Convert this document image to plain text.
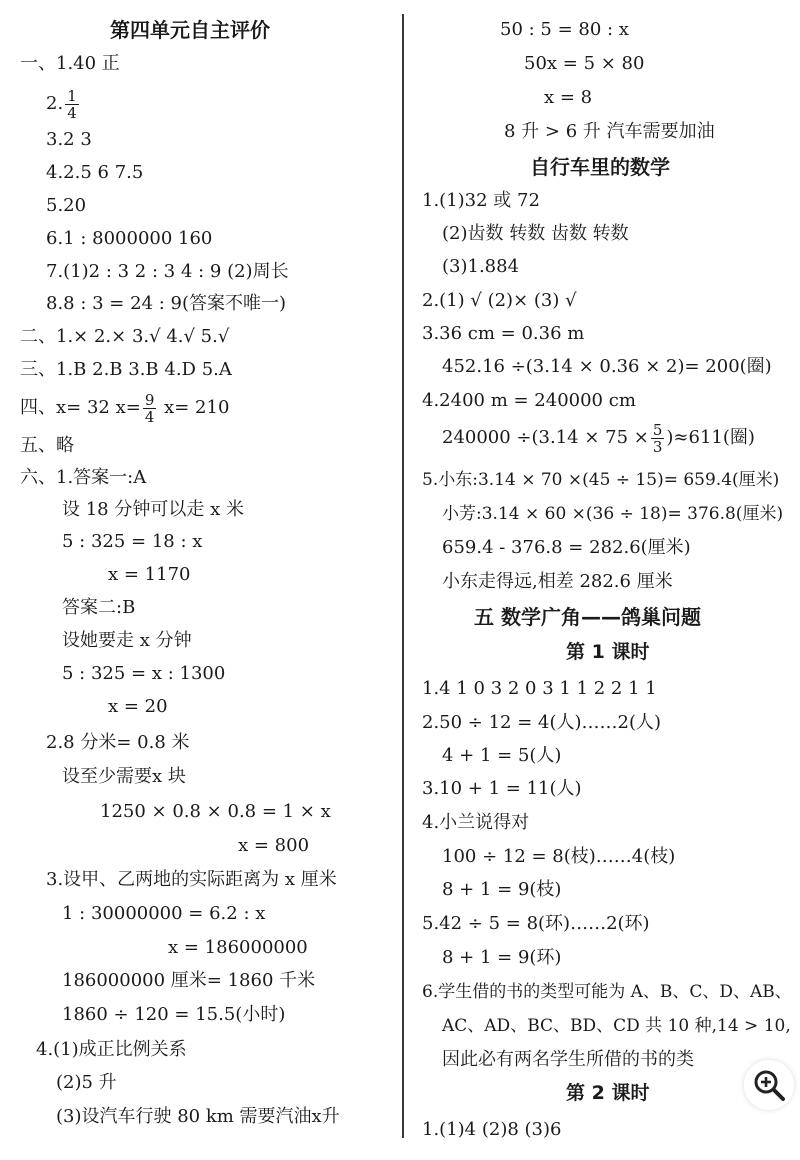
第四单元自主评价
一、1.40 正
2. $\frac{1}{4}$
3.2 3
4.2.5 6 7.5
5.20
6.1 : 8000000 160
7.(1)2 : 3 2 : 3 4 : 9 (2)周长
8.8 : 3 = 24 : 9(答案不唯一)
二、1.× 2.× 3.√ 4.√ 5.√
三、1.B 2.B 3.B 4.D 5.A
四、x= 32 $x= \frac{9}{4} x= 210$
五、略
六、1.答案一:A
设 18 分钟可以走 x 米
5 : 325 = 18 : x
x = 1170
答案二:B
设她要走 x 分钟
5 : 325 = x : 1300
x = 20
2.8 分米= 0.8 米
设至少需要x 块
1250 × 0.8 × 0.8 = 1 × x
x = 800
3.设甲、乙两地的实际距离为 x 厘米
1 : 30000000 = 6.2 : x
x = 186000000
186000000 厘米= 1860 千米
1860 ÷ 120 = 15.5(小时)
4.(1)成正比例关系
(2)5 升
(3)设汽车行驶 80 km 需要汽油x升
50 : 5 = 80 : x
50x = 5 × 80
x = 8
8 升 > 6 升 汽车需要加油
自行车里的数学
1.(1)32 或 72
(2)齿数 转数 齿数 转数
(3)1.884
2.(1) √ (2)× (3) √
3.36 cm = 0.36 m
452.16 ÷(3.14 × 0.36 × 2)= 200(圈)
4.2400 m = 240000 cm
$240000 \div(3.14 \times 75 \times \frac{5}{3} )\approx 611$(圈)
5.小东:3.14 × 70 ×(45 ÷ 15)= 659.4(厘米)
小芳:3.14 × 60 ×(36 ÷ 18)= 376.8(厘米)
659.4 - 376.8 = 282.6(厘米)
小东走得远,相差 282.6 厘米
五 数学广角——鸽巢问题
第 1 课时
1.4 1 0 3 2 0 3 1 1 2 2 1 1
2.50 ÷ 12 = 4(人)……2(人)
4 + 1 = 5(人)
3.10 + 1 = 11(人)
4.小兰说得对
100 ÷ 12 = 8(枝)……4(枝)
8 + 1 = 9(枝)
5.42 ÷ 5 = 8(环)……2(环)
8 + 1 = 9(环)
6.学生借的书的类型可能为 A、B、C、D、AB、
AC、AD、BC、BD、CD 共 10 种,14 > 10,
因此必有两名学生所借的书的类
第 2 课时
1.(1)4 (2)8 (3)6
